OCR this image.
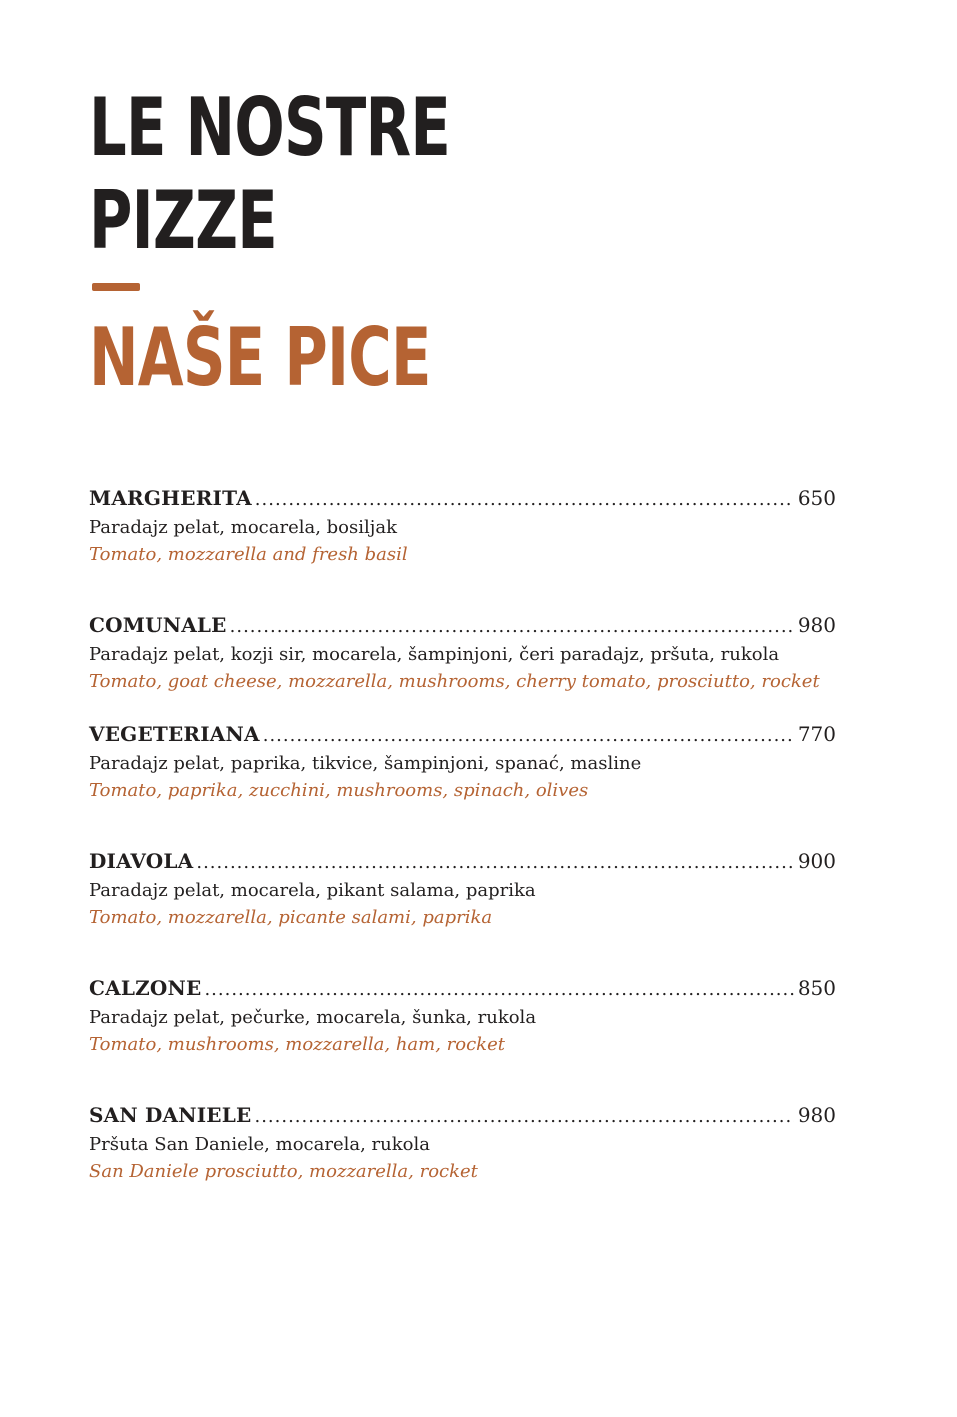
LE NOSTRE
PIZZE
NAŠE PICE
MARGHERITA .....	650
Paradajz pelat, mocarela, bosiljak
Tomato, mozzarella and fresh basil
COMUNALE .....	980
Paradajz pelat, kozji sir, mocarela, šampinjoni, čeri paradajz, pršuta, rukola
Tomato, goat cheese, mozzarella, mushrooms, cherry tomato, prosciutto, rocket
VEGETERIANA .....	770
Paradajz pelat, paprika, tikvice, šampinjoni, spanać, masline
Tomato, paprika, zucchini, mushrooms, spinach, olives
DIAVOLA .....	900
Paradajz pelat, mocarela, pikant salama, paprika
Tomato, mozzarella, picante salami, paprika
CALZONE .....	850
Paradajz pelat, pečurke, mocarela, šunka, rukola
Tomato, mushrooms, mozzarella, ham, rocket
SAN DANIELE .....	980
Pršuta San Daniele, mocarela, rukola
San Daniele prosciutto, mozzarella, rocket
